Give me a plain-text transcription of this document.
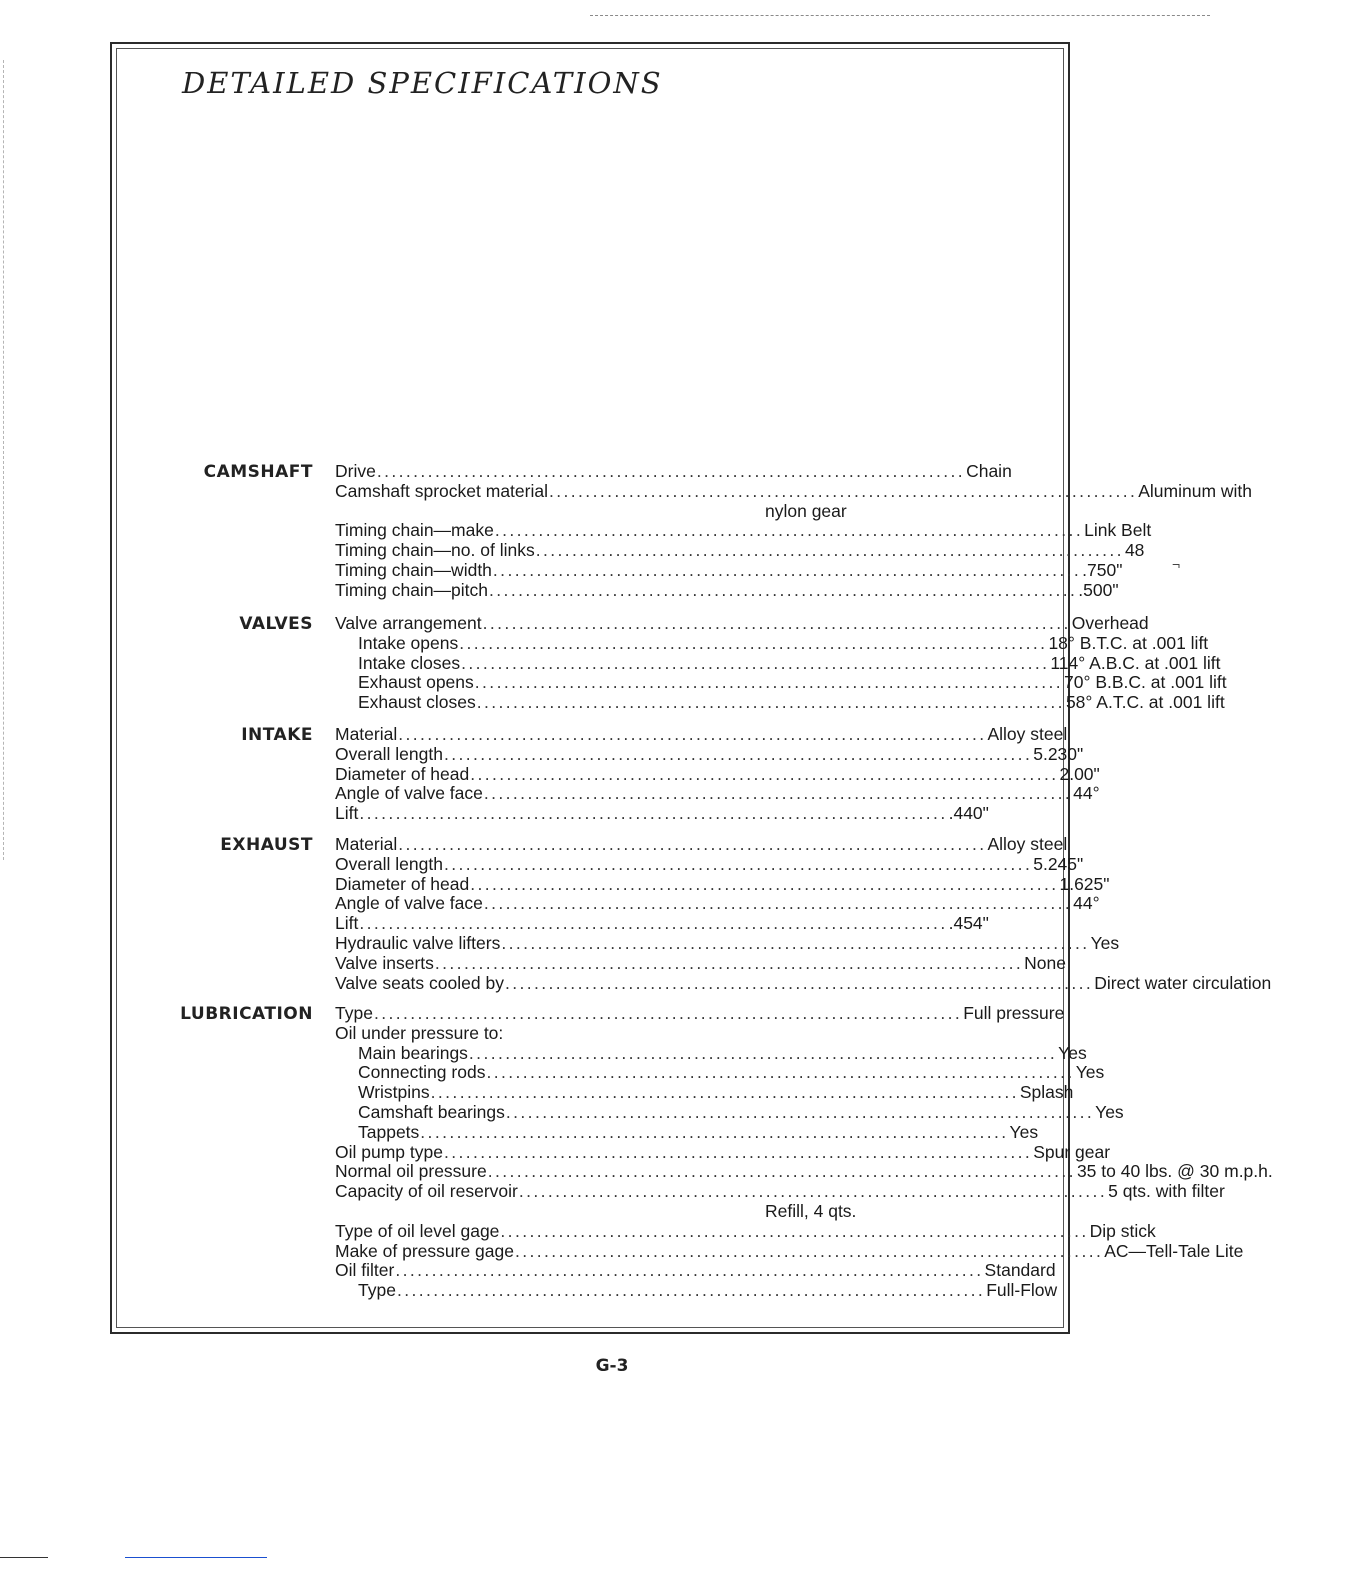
DETAILED SPECIFICATIONS
CAMSHAFT	Drive ................................................................................. Chain
Camshaft sprocket material ................................................................................. Aluminum with
nylon gear
Timing chain—make ................................................................................. Link Belt
Timing chain—no. of links ................................................................................. 48
Timing chain—width ................................................................................. .750"
Timing chain—pitch ................................................................................. .500"
VALVES	Valve arrangement ................................................................................. Overhead
Intake opens ................................................................................. 18° B.T.C. at .001 lift
Intake closes ................................................................................. 114° A.B.C. at .001 lift
Exhaust opens ................................................................................. 70° B.B.C. at .001 lift
Exhaust closes ................................................................................. 58° A.T.C. at .001 lift
INTAKE	Material ................................................................................. Alloy steel
Overall length ................................................................................. 5.230"
Diameter of head ................................................................................. 2.00"
Angle of valve face ................................................................................. 44°
Lift ................................................................................. .440"
EXHAUST	Material ................................................................................. Alloy steel
Overall length ................................................................................. 5.245"
Diameter of head ................................................................................. 1.625"
Angle of valve face ................................................................................. 44°
Lift ................................................................................. .454"
Hydraulic valve lifters ................................................................................. Yes
Valve inserts ................................................................................. None
Valve seats cooled by ................................................................................. Direct water circulation
LUBRICATION	Type ................................................................................. Full pressure
Oil under pressure to:
Main bearings ................................................................................. Yes
Connecting rods ................................................................................. Yes
Wristpins ................................................................................. Splash
Camshaft bearings ................................................................................. Yes
Tappets ................................................................................. Yes
Oil pump type ................................................................................. Spur gear
Normal oil pressure ................................................................................. 35 to 40 lbs. @ 30 m.p.h.
Capacity of oil reservoir ................................................................................. 5 qts. with filter
Refill, 4 qts.
Type of oil level gage ................................................................................. Dip stick
Make of pressure gage ................................................................................. AC—Tell-Tale Lite
Oil filter ................................................................................. Standard
Type ................................................................................. Full-Flow
G-3
¬
